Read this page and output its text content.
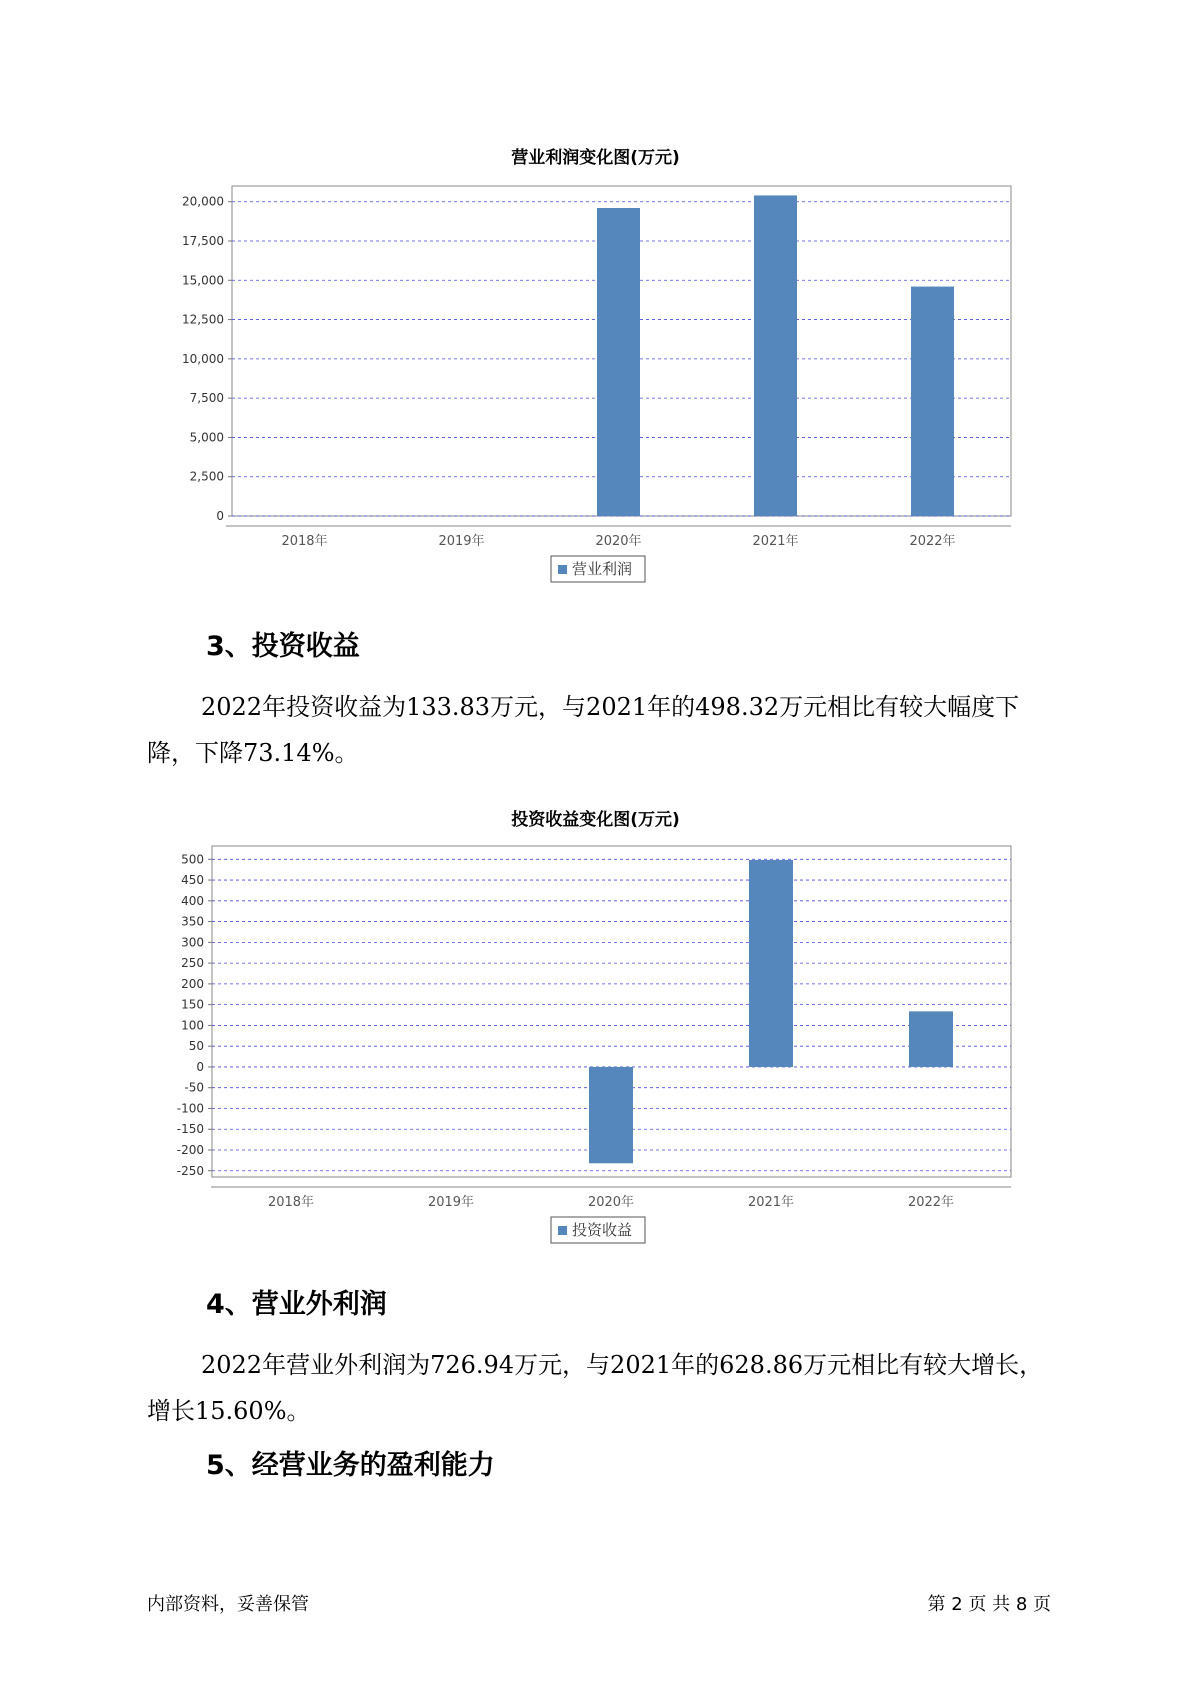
营业利润变化图(万元)
0
2,500
5,000
7,500
10,000
12,500
15,000
17,500
20,000
2018年	2019年	2020年	2021年	2022年
营业利润
3、投资收益

2022年投资收益为133.83万元，与2021年的498.32万元相比有较大幅度下降，下降73.14%。

投资收益变化图(万元)
-250
-200
-150
-100
-50
0
50
100
150
200
250
300
350
400
450
500
2018年	2019年	2020年	2021年	2022年
投资收益
4、营业外利润

2022年营业外利润为726.94万元，与2021年的628.86万元相比有较大增长，增长15.60%。

5、经营业务的盈利能力
内部资料，妥善保管	第 2 页 共 8 页
